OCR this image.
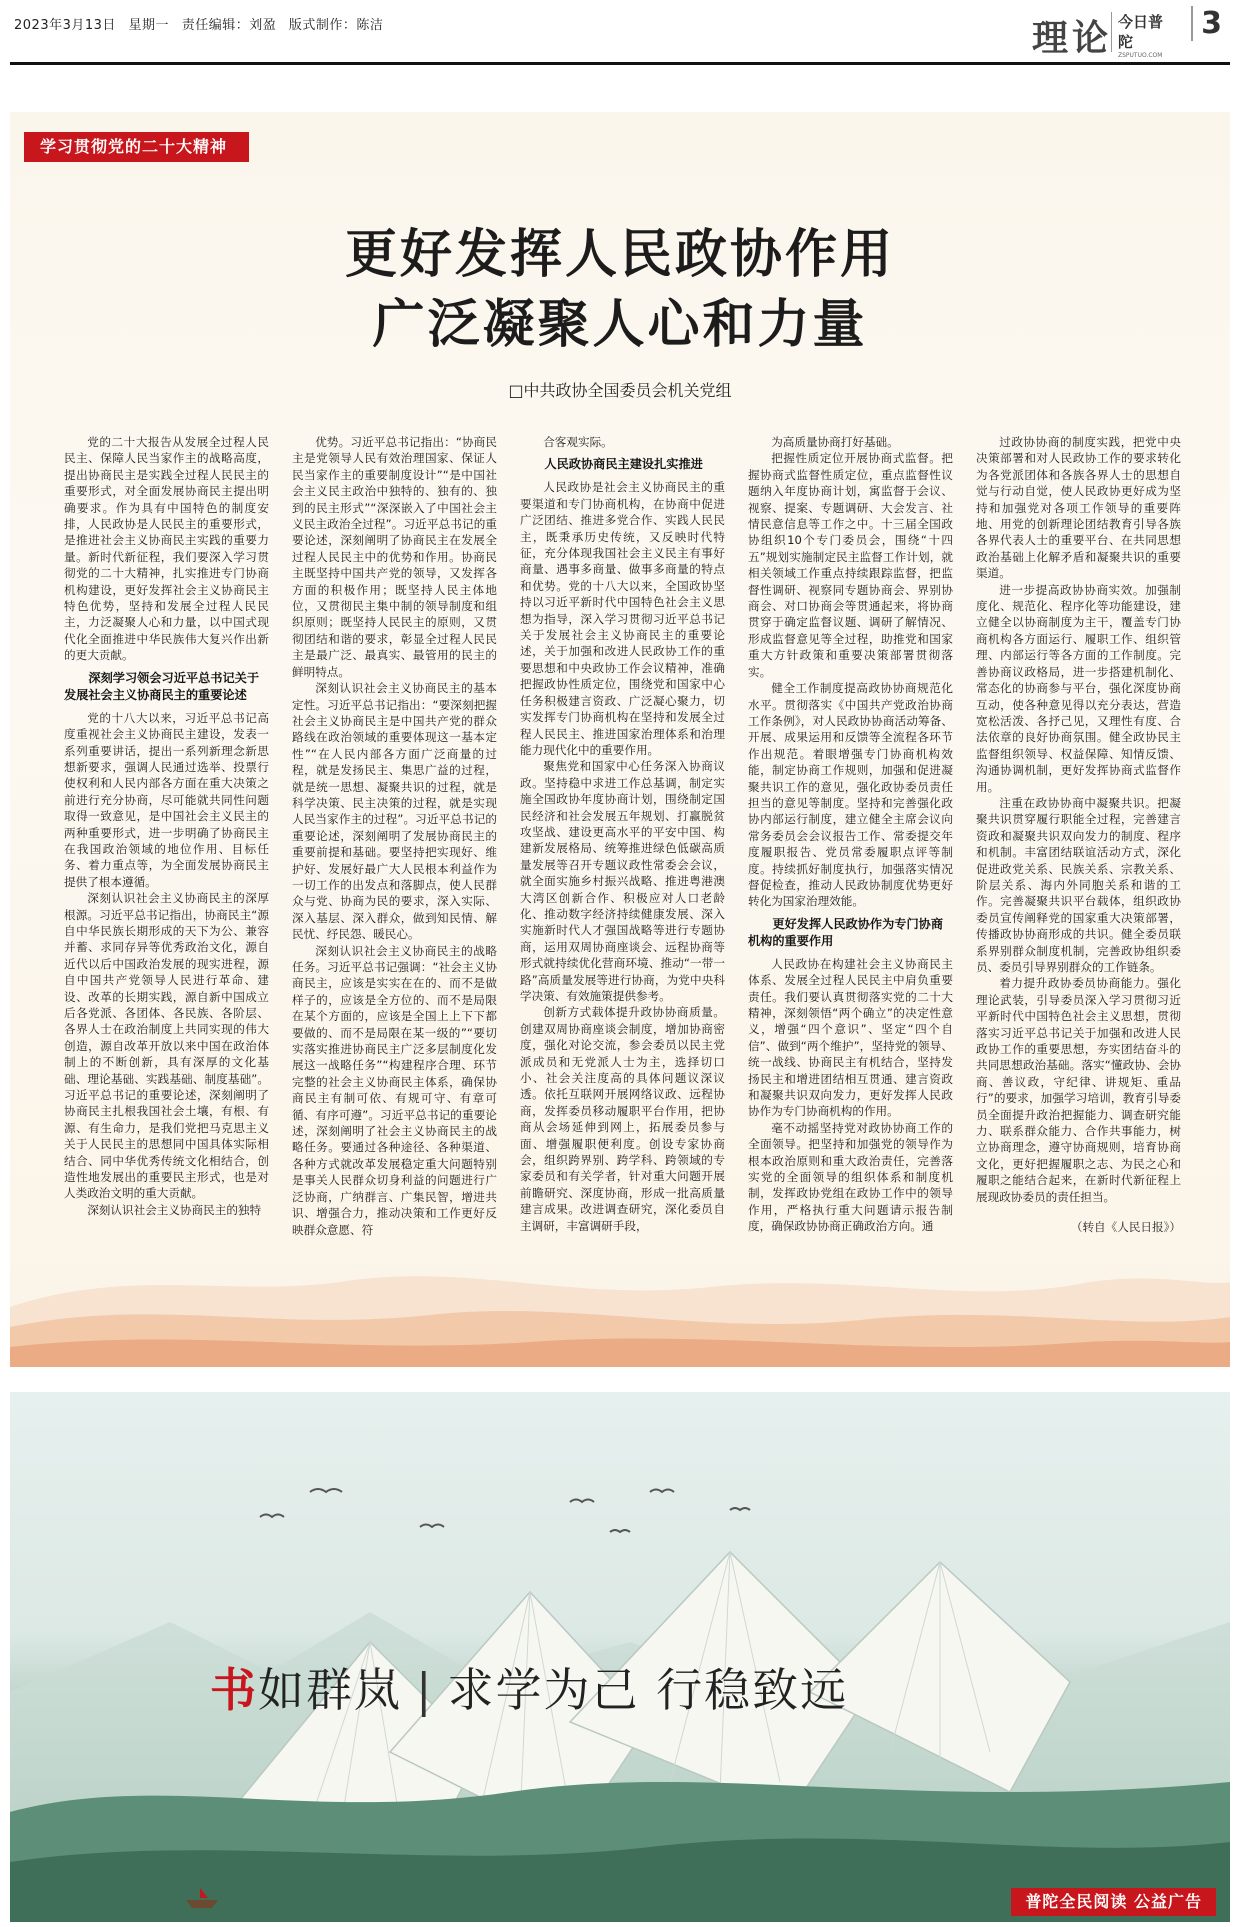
2023年3月13日 星期一 责任编辑：刘盈 版式制作：陈洁	理论 今日普陀
ZSPUTUO.COM
3
学习贯彻党的二十大精神
更好发挥人民政协作用
广泛凝聚人心和力量
□中共政协全国委员会机关党组

党的二十大报告从发展全过程人民民主、保障人民当家作主的战略高度，提出协商民主是实践全过程人民民主的重要形式，对全面发展协商民主提出明确要求。作为具有中国特色的制度安排，人民政协是人民民主的重要形式，是推进社会主义协商民主实践的重要力量。新时代新征程，我们要深入学习贯彻党的二十大精神，扎实推进专门协商机构建设，更好发挥社会主义协商民主特色优势，坚持和发展全过程人民民主，力泛凝聚人心和力量，以中国式现代化全面推进中华民族伟大复兴作出新的更大贡献。

深刻学习领会习近平总书记关于发展社会主义协商民主的重要论述

党的十八大以来，习近平总书记高度重视社会主义协商民主建设，发表一系列重要讲话，提出一系列新理念新思想新要求，强调人民通过选举、投票行使权利和人民内部各方面在重大决策之前进行充分协商，尽可能就共同性问题取得一致意见，是中国社会主义民主的两种重要形式，进一步明确了协商民主在我国政治领域的地位作用、目标任务、着力重点等，为全面发展协商民主提供了根本遵循。

深刻认识社会主义协商民主的深厚根源。习近平总书记指出，协商民主“源自中华民族长期形成的天下为公、兼容并蓄、求同存异等优秀政治文化，源自近代以后中国政治发展的现实进程，源自中国共产党领导人民进行革命、建设、改革的长期实践，源自新中国成立后各党派、各团体、各民族、各阶层、各界人士在政治制度上共同实现的伟大创造，源自改革开放以来中国在政治体制上的不断创新，具有深厚的文化基础、理论基础、实践基础、制度基础”。习近平总书记的重要论述，深刻阐明了协商民主扎根我国社会土壤，有根、有源、有生命力，是我们党把马克思主义关于人民民主的思想同中国具体实际相结合、同中华优秀传统文化相结合，创造性地发展出的重要民主形式，也是对人类政治文明的重大贡献。

深刻认识社会主义协商民主的独特

优势。习近平总书记指出：“协商民主是党领导人民有效治理国家、保证人民当家作主的重要制度设计”“是中国社会主义民主政治中独特的、独有的、独到的民主形式”“深深嵌入了中国社会主义民主政治全过程”。习近平总书记的重要论述，深刻阐明了协商民主在发展全过程人民民主中的优势和作用。协商民主既坚持中国共产党的领导，又发挥各方面的积极作用；既坚持人民主体地位，又贯彻民主集中制的领导制度和组织原则；既坚持人民民主的原则，又贯彻团结和谐的要求，彰显全过程人民民主是最广泛、最真实、最管用的民主的鲜明特点。

深刻认识社会主义协商民主的基本定性。习近平总书记指出：“要深刻把握社会主义协商民主是中国共产党的群众路线在政治领域的重要体现这一基本定性”“在人民内部各方面广泛商量的过程，就是发扬民主、集思广益的过程，就是统一思想、凝聚共识的过程，就是科学决策、民主决策的过程，就是实现人民当家作主的过程”。习近平总书记的重要论述，深刻阐明了发展协商民主的重要前提和基础。要坚持把实现好、维护好、发展好最广大人民根本利益作为一切工作的出发点和落脚点，使人民群众与党、协商为民的要求，深入实际、深入基层、深入群众，做到知民情、解民忧、纾民怨、暖民心。

深刻认识社会主义协商民主的战略任务。习近平总书记强调：“社会主义协商民主，应该是实实在在的、而不是做样子的，应该是全方位的、而不是局限在某个方面的，应该是全国上上下下都要做的、而不是局限在某一级的”“要切实落实推进协商民主广泛多层制度化发展这一战略任务”“构建程序合理、环节完整的社会主义协商民主体系，确保协商民主有制可依、有规可守、有章可循、有序可遵”。习近平总书记的重要论述，深刻阐明了社会主义协商民主的战略任务。要通过各种途径、各种渠道、各种方式就改革发展稳定重大问题特别是事关人民群众切身利益的问题进行广泛协商，广纳群言、广集民智，增进共识、增强合力，推动决策和工作更好反映群众意愿、符

合客观实际。

人民政协商民主建设扎实推进

人民政协是社会主义协商民主的重要渠道和专门协商机构，在协商中促进广泛团结、推进多党合作、实践人民民主，既秉承历史传统，又反映时代特征，充分体现我国社会主义民主有事好商量、遇事多商量、做事多商量的特点和优势。党的十八大以来，全国政协坚持以习近平新时代中国特色社会主义思想为指导，深入学习贯彻习近平总书记关于发展社会主义协商民主的重要论述，关于加强和改进人民政协工作的重要思想和中央政协工作会议精神，准确把握政协性质定位，围绕党和国家中心任务积极建言资政、广泛凝心聚力，切实发挥专门协商机构在坚持和发展全过程人民民主、推进国家治理体系和治理能力现代化中的重要作用。

聚焦党和国家中心任务深入协商议政。坚持稳中求进工作总基调，制定实施全国政协年度协商计划，围绕制定国民经济和社会发展五年规划、打赢脱贫攻坚战、建设更高水平的平安中国、构建新发展格局、统筹推进绿色低碳高质量发展等召开专题议政性常委会会议，就全面实施乡村振兴战略、推进粤港澳大湾区创新合作、积极应对人口老龄化、推动数字经济持续健康发展、深入实施新时代人才强国战略等进行专题协商，运用双周协商座谈会、远程协商等形式就持续优化营商环境、推动“一带一路”高质量发展等进行协商，为党中央科学决策、有效施策提供参考。

创新方式载体提升政协协商质量。创建双周协商座谈会制度，增加协商密度，强化对论交流，参会委员以民主党派成员和无党派人士为主，选择切口小、社会关注度高的具体问题议深议透。依托互联网开展网络议政、远程协商，发挥委员移动履职平台作用，把协商从会场延伸到网上，拓展委员参与面、增强履职便利度。创设专家协商会，组织跨界别、跨学科、跨领域的专家委员和有关学者，针对重大问题开展前瞻研究、深度协商，形成一批高质量建言成果。改进调查研究，深化委员自主调研，丰富调研手段，

为高质量协商打好基础。

把握性质定位开展协商式监督。把握协商式监督性质定位，重点监督性议题纳入年度协商计划，寓监督于会议、视察、提案、专题调研、大会发言、社情民意信息等工作之中。十三届全国政协组织10个专门委员会，围绕“十四五”规划实施制定民主监督工作计划，就相关领域工作重点持续跟踪监督，把监督性调研、视察同专题协商会、界别协商会、对口协商会等贯通起来，将协商贯穿于确定监督议题、调研了解情况、形成监督意见等全过程，助推党和国家重大方针政策和重要决策部署贯彻落实。

健全工作制度提高政协协商规范化水平。贯彻落实《中国共产党政治协商工作条例》，对人民政协协商活动筹备、开展、成果运用和反馈等全流程各环节作出规范。着眼增强专门协商机构效能，制定协商工作规则，加强和促进凝聚共识工作的意见，强化政协委员责任担当的意见等制度。坚持和完善强化政协内部运行制度，建立健全主席会议向常务委员会会议报告工作、常委提交年度履职报告、党员常委履职点评等制度。持续抓好制度执行，加强落实情况督促检查，推动人民政协制度优势更好转化为国家治理效能。

更好发挥人民政协作为专门协商机构的重要作用

人民政协在构建社会主义协商民主体系、发展全过程人民民主中肩负重要责任。我们要认真贯彻落实党的二十大精神，深刻领悟“两个确立”的决定性意义，增强“四个意识”、坚定“四个自信”、做到“两个维护”，坚持党的领导、统一战线、协商民主有机结合，坚持发扬民主和增进团结相互贯通、建言资政和凝聚共识双向发力，更好发挥人民政协作为专门协商机构的作用。

毫不动摇坚持党对政协协商工作的全面领导。把坚持和加强党的领导作为根本政治原则和重大政治责任，完善落实党的全面领导的组织体系和制度机制，发挥政协党组在政协工作中的领导作用，严格执行重大问题请示报告制度，确保政协协商正确政治方向。通

过政协协商的制度实践，把党中央决策部署和对人民政协工作的要求转化为各党派团体和各族各界人士的思想自觉与行动自觉，使人民政协更好成为坚持和加强党对各项工作领导的重要阵地、用党的创新理论团结教育引导各族各界代表人士的重要平台、在共同思想政治基础上化解矛盾和凝聚共识的重要渠道。

进一步提高政协协商实效。加强制度化、规范化、程序化等功能建设，建立健全以协商制度为主干，覆盖专门协商机构各方面运行、履职工作、组织管理、内部运行等各方面的工作制度。完善协商议政格局，进一步搭建机制化、常态化的协商参与平台，强化深度协商互动，使各种意见得以充分表达，营造宽松活泼、各抒己见，又理性有度、合法依章的良好协商氛围。健全政协民主监督组织领导、权益保障、知情反馈、沟通协调机制，更好发挥协商式监督作用。

注重在政协协商中凝聚共识。把凝聚共识贯穿履行职能全过程，完善建言资政和凝聚共识双向发力的制度、程序和机制。丰富团结联谊活动方式，深化促进政党关系、民族关系、宗教关系、阶层关系、海内外同胞关系和谐的工作。完善凝聚共识平台载体，组织政协委员宣传阐释党的国家重大决策部署，传播政协协商形成的共识。健全委员联系界别群众制度机制，完善政协组织委员、委员引导界别群众的工作链条。

着力提升政协委员协商能力。强化理论武装，引导委员深入学习贯彻习近平新时代中国特色社会主义思想，贯彻落实习近平总书记关于加强和改进人民政协工作的重要思想，夯实团结奋斗的共同思想政治基础。落实“懂政协、会协商、善议政，守纪律、讲规矩、重品行”的要求，加强学习培训，教育引导委员全面提升政治把握能力、调查研究能力、联系群众能力、合作共事能力，树立协商理念，遵守协商规则，培育协商文化，更好把握履职之志、为民之心和履职之能结合起来，在新时代新征程上展现政协委员的责任担当。

（转自《人民日报》）

书如群岚 | 求学为己 行稳致远
普陀全民阅读 公益广告
